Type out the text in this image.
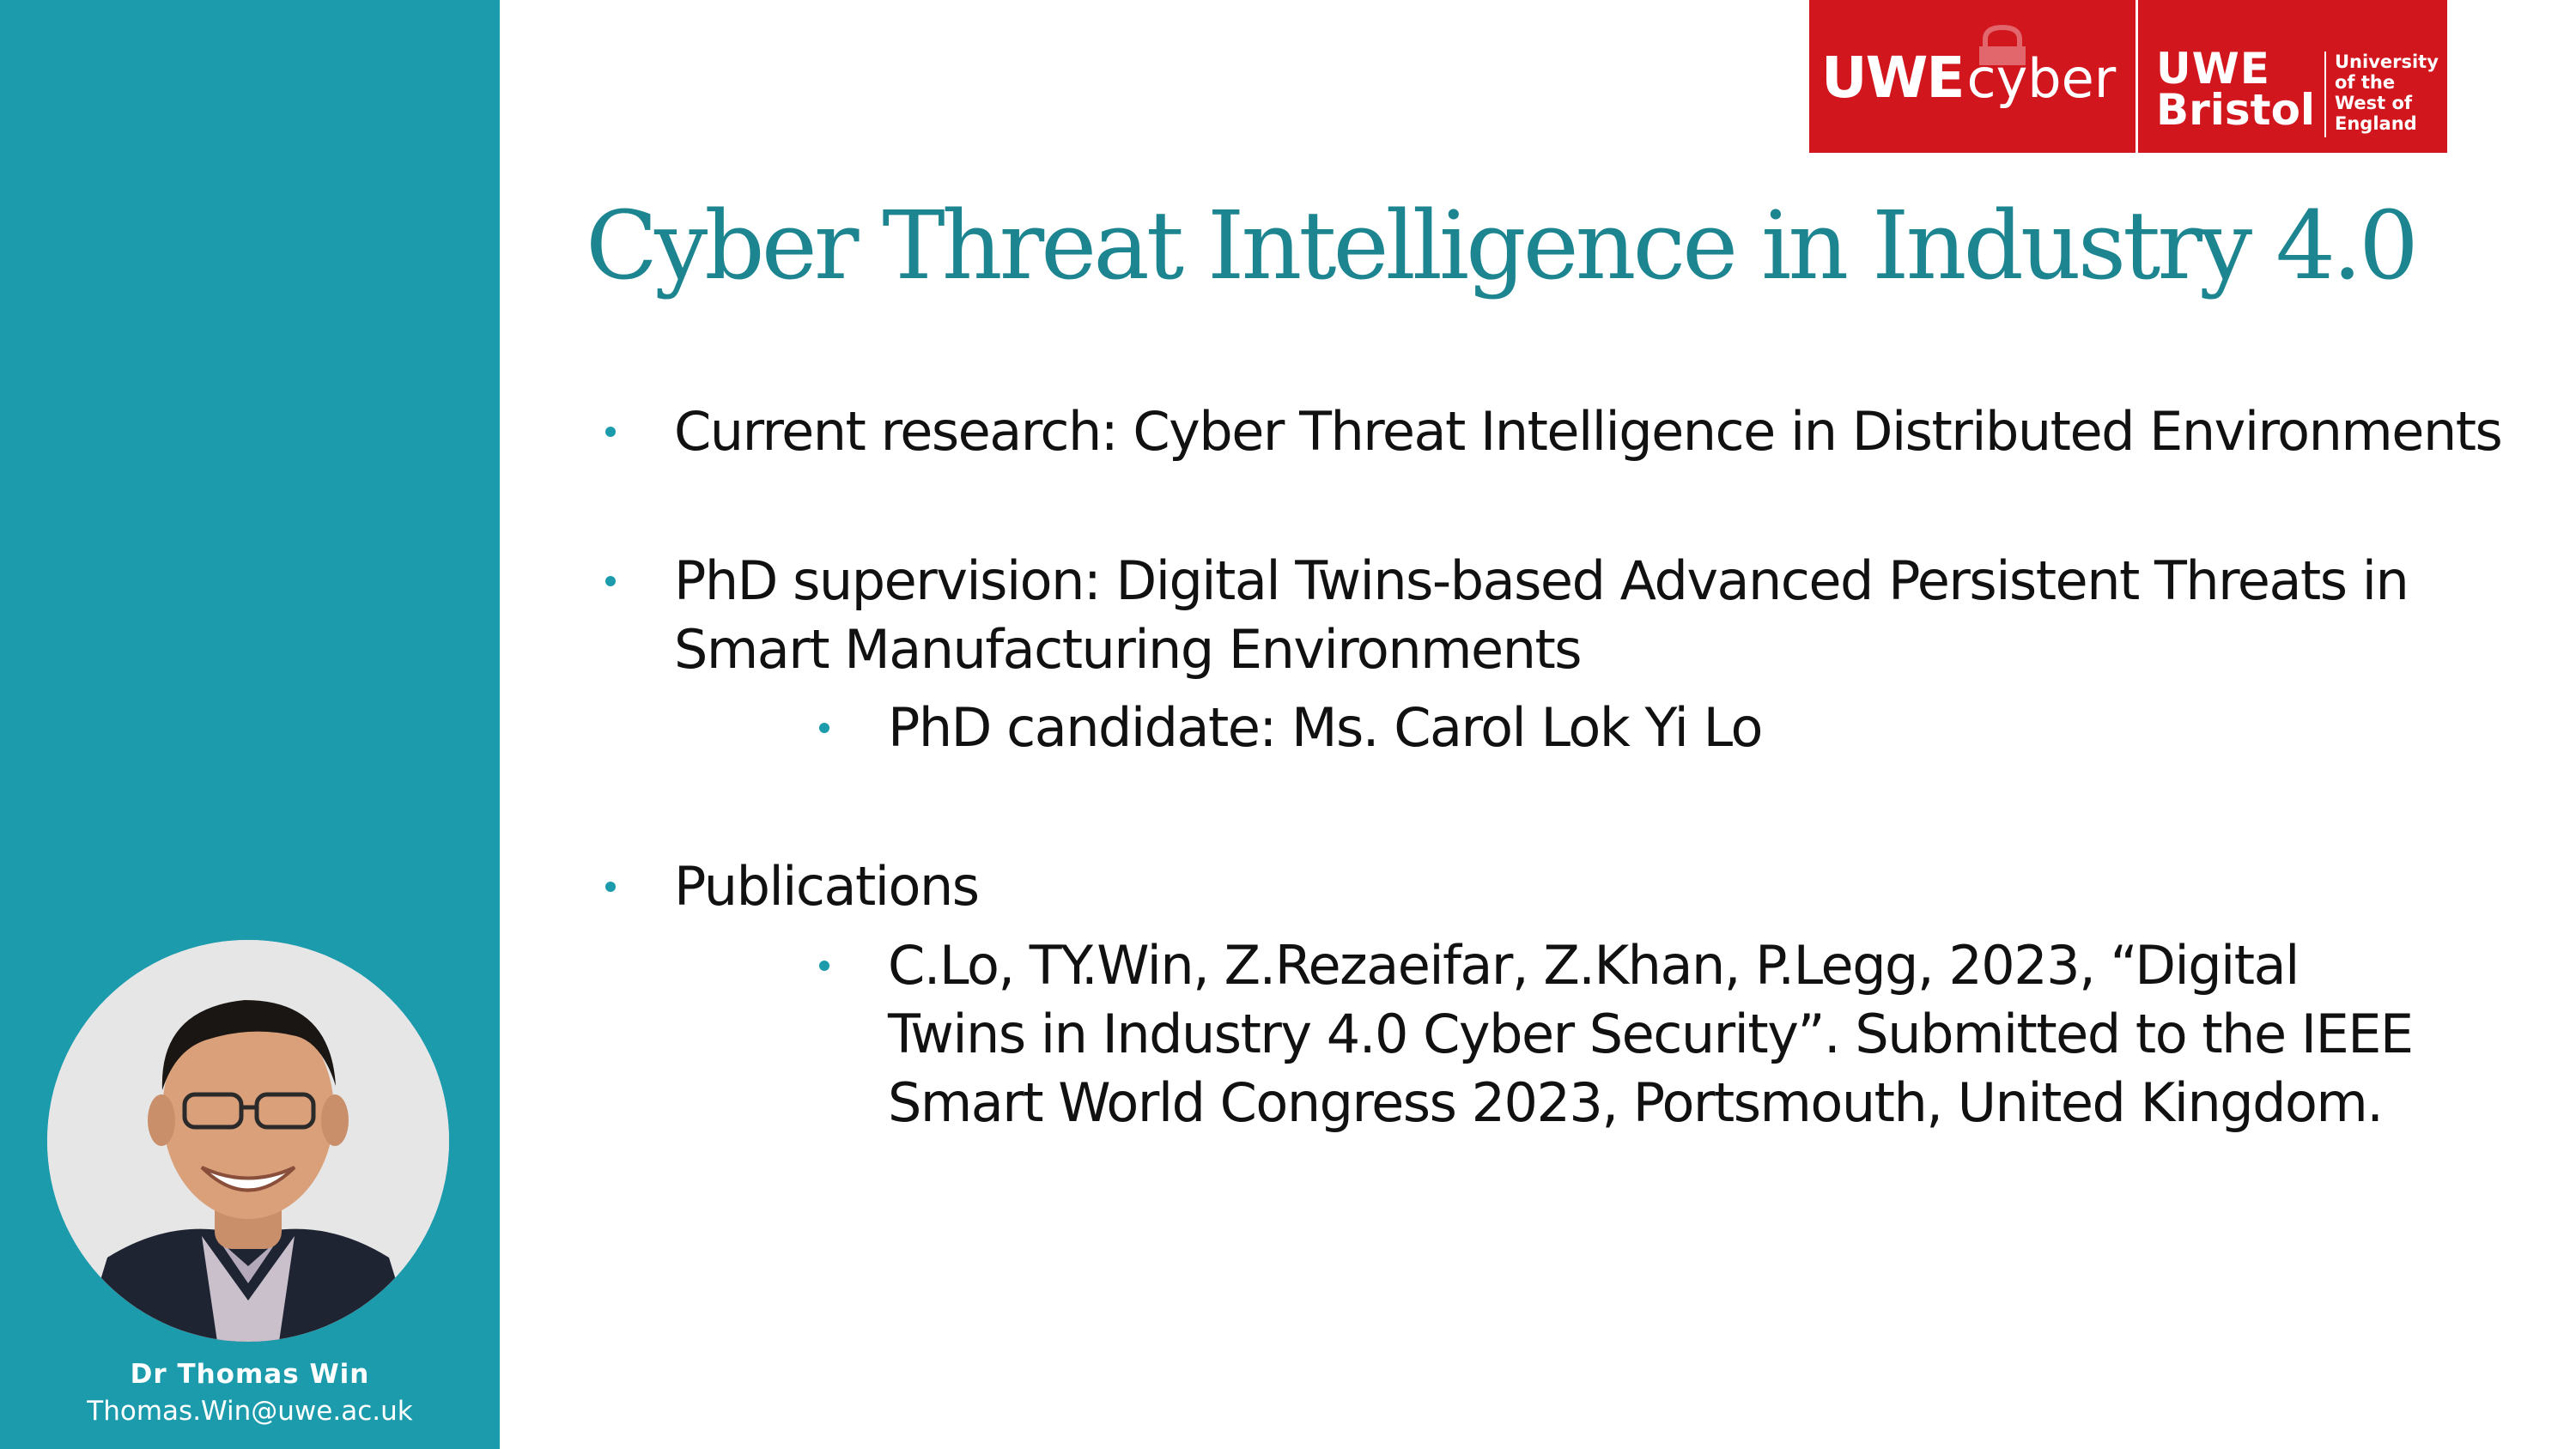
Dr Thomas Win
Thomas.Win@uwe.ac.uk
UWEcyber UWE
Bristol
University
of the
West of
England
Cyber Threat Intelligence in Industry 4.0
Current research: Cyber Threat Intelligence in Distributed Environments
PhD supervision: Digital Twins-based Advanced Persistent Threats in Smart Manufacturing Environments
PhD candidate: Ms. Carol Lok Yi Lo
Publications
C.Lo, TY.Win, Z.Rezaeifar, Z.Khan, P.Legg, 2023, “Digital Twins in Industry 4.0 Cyber Security”. Submitted to the IEEE Smart World Congress 2023, Portsmouth, United Kingdom.
